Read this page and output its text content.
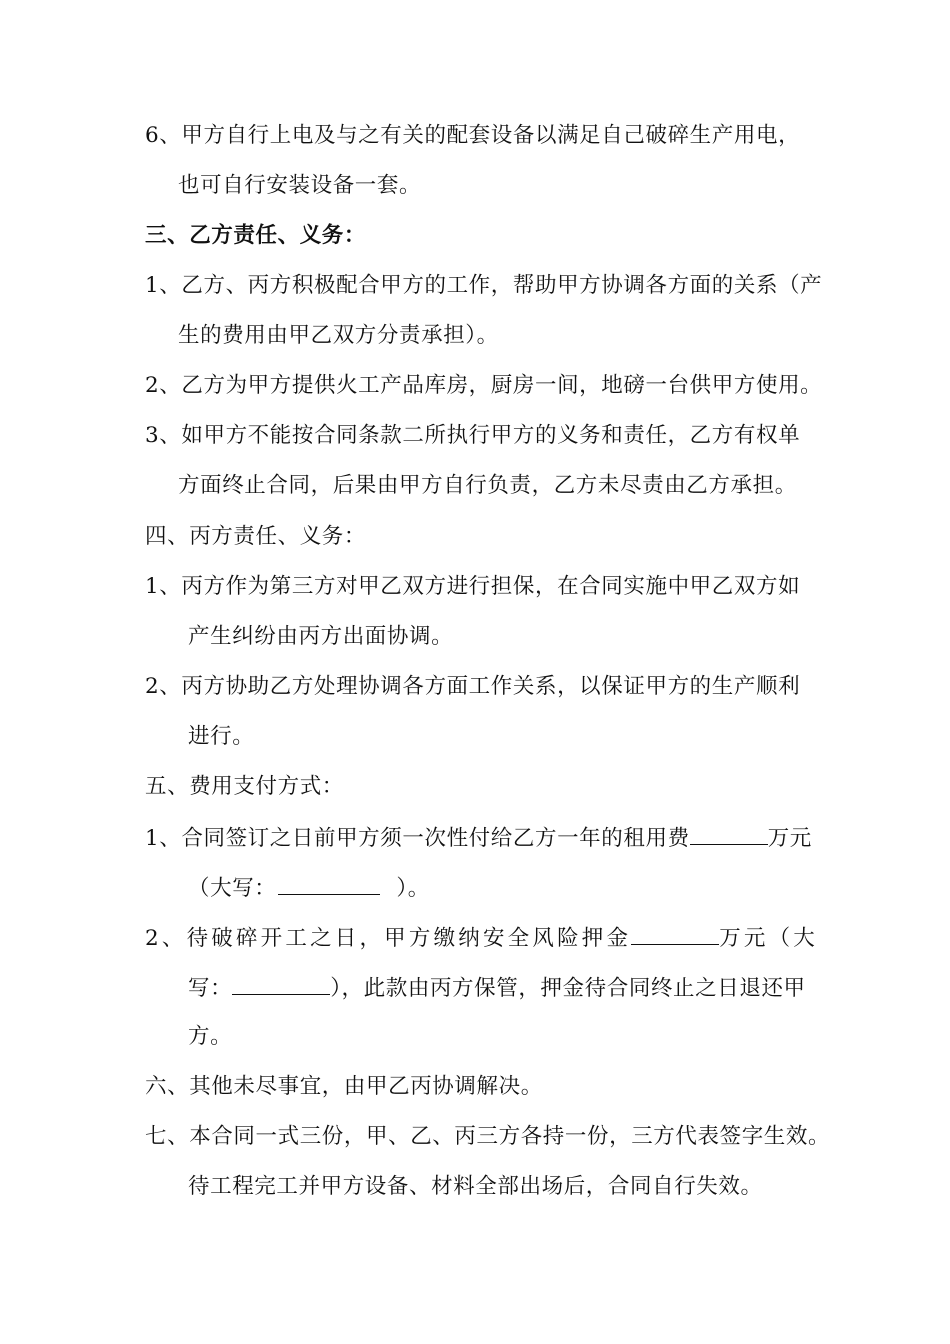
6、甲方自行上电及与之有关的配套设备以满足自己破碎生产用电，
也可自行安装设备一套。
三、乙方责任、义务：
1、乙方、丙方积极配合甲方的工作，帮助甲方协调各方面的关系（产
生的费用由甲乙双方分责承担）。
2、乙方为甲方提供火工产品库房，厨房一间，地磅一台供甲方使用。
3、如甲方不能按合同条款二所执行甲方的义务和责任，乙方有权单
方面终止合同，后果由甲方自行负责，乙方未尽责由乙方承担。
四、丙方责任、义务：
1、丙方作为第三方对甲乙双方进行担保，在合同实施中甲乙双方如
产生纠纷由丙方出面协调。
2、丙方协助乙方处理协调各方面工作关系，以保证甲方的生产顺利
进行。
五、费用支付方式：
1、合同签订之日前甲方须一次性付给乙方一年的租用费	万元
（大写：	）。
2、待破碎开工之日，甲方缴纳安全风险押金	万元（大
写：	），此款由丙方保管，押金待合同终止之日退还甲
方。
六、其他未尽事宜，由甲乙丙协调解决。
七、本合同一式三份，甲、乙、丙三方各持一份，三方代表签字生效。
待工程完工并甲方设备、材料全部出场后，合同自行失效。
